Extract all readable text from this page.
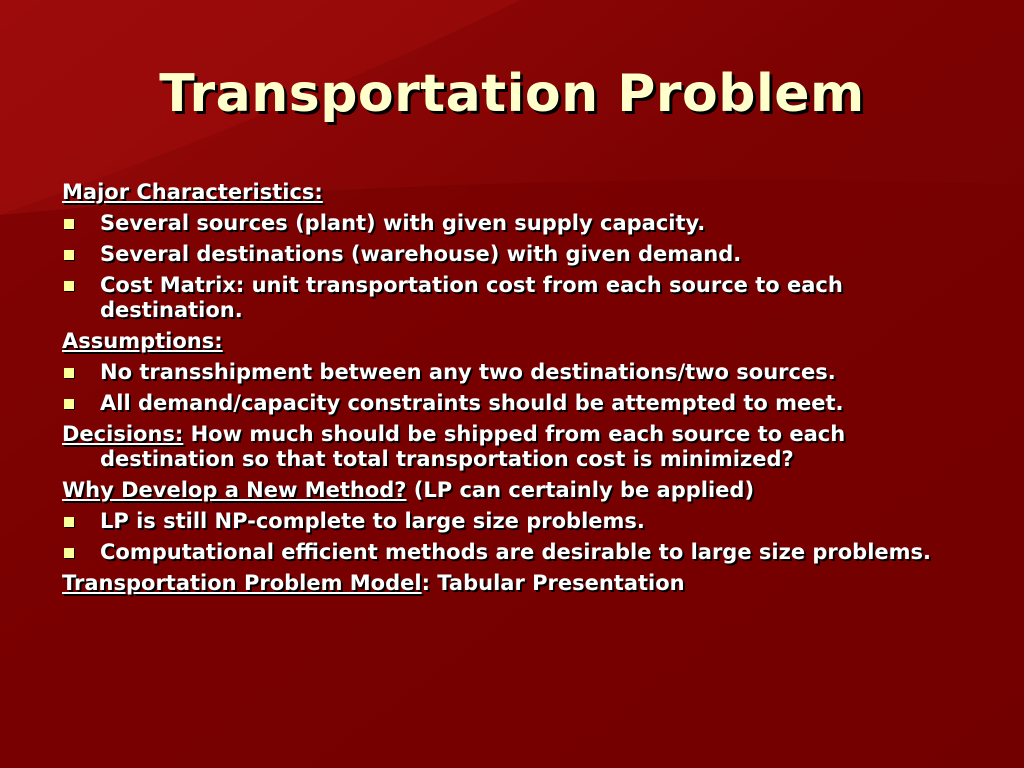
Transportation Problem

Major Characteristics:

Several sources (plant) with given supply capacity.
Several destinations (warehouse) with given demand.
Cost Matrix: unit transportation cost from each source to each destination.

Assumptions:

No transshipment between any two destinations/two sources.
All demand/capacity constraints should be attempted to meet.

Decisions: How much should be shipped from each source to each destination so that total transportation cost is minimized?

Why Develop a New Method? (LP can certainly be applied)

LP is still NP-complete to large size problems.
Computational efficient methods are desirable to large size problems.

Transportation Problem Model: Tabular Presentation
